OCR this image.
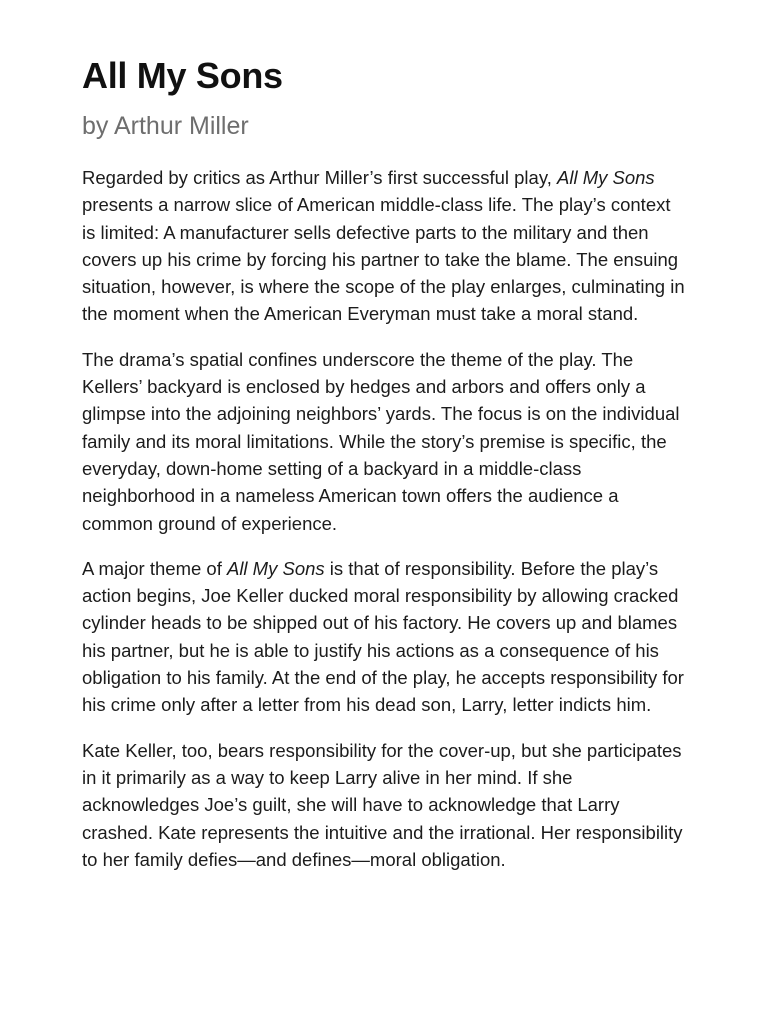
All My Sons
by Arthur Miller

Regarded by critics as Arthur Miller’s first successful play, All My Sons presents a narrow slice of American middle-class life. The play’s context is limited: A manufacturer sells defective parts to the military and then covers up his crime by forcing his partner to take the blame. The ensuing situation, however, is where the scope of the play enlarges, culminating in the moment when the American Everyman must take a moral stand.

The drama’s spatial confines underscore the theme of the play. The Kellers’ backyard is enclosed by hedges and arbors and offers only a glimpse into the adjoining neighbors’ yards. The focus is on the individual family and its moral limitations. While the story’s premise is specific, the everyday, down-home setting of a backyard in a middle-class neighborhood in a nameless American town offers the audience a common ground of experience.

A major theme of All My Sons is that of responsibility. Before the play’s action begins, Joe Keller ducked moral responsibility by allowing cracked cylinder heads to be shipped out of his factory. He covers up and blames his partner, but he is able to justify his actions as a consequence of his obligation to his family. At the end of the play, he accepts responsibility for his crime only after a letter from his dead son, Larry, letter indicts him.

Kate Keller, too, bears responsibility for the cover-up, but she participates in it primarily as a way to keep Larry alive in her mind. If she acknowledges Joe’s guilt, she will have to acknowledge that Larry crashed. Kate represents the intuitive and the irrational. Her responsibility to her family defies—and defines—moral obligation.
